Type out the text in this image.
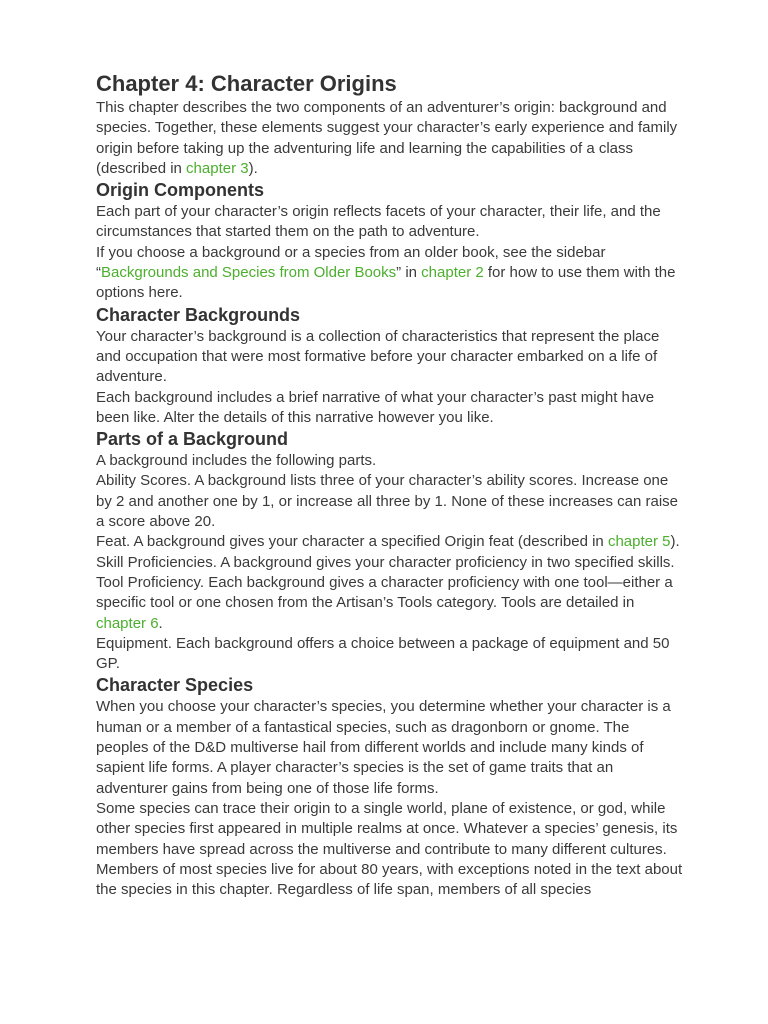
Chapter 4: Character Origins

This chapter describes the two components of an adventurer’s origin: background and species. Together, these elements suggest your character’s early experience and family origin before taking up the adventuring life and learning the capabilities of a class (described in chapter 3).

Origin Components

Each part of your character’s origin reflects facets of your character, their life, and the circumstances that started them on the path to adventure.

If you choose a background or a species from an older book, see the sidebar “Backgrounds and Species from Older Books” in chapter 2 for how to use them with the options here.

Character Backgrounds

Your character’s background is a collection of characteristics that represent the place and occupation that were most formative before your character embarked on a life of adventure.

Each background includes a brief narrative of what your character’s past might have been like. Alter the details of this narrative however you like.

Parts of a Background

A background includes the following parts.

Ability Scores. A background lists three of your character’s ability scores. Increase one by 2 and another one by 1, or increase all three by 1. None of these increases can raise a score above 20.

Feat. A background gives your character a specified Origin feat (described in chapter 5).

Skill Proficiencies. A background gives your character proficiency in two specified skills.

Tool Proficiency. Each background gives a character proficiency with one tool—either a specific tool or one chosen from the Artisan’s Tools category. Tools are detailed in chapter 6.

Equipment. Each background offers a choice between a package of equipment and 50 GP.

Character Species

When you choose your character’s species, you determine whether your character is a human or a member of a fantastical species, such as dragonborn or gnome. The peoples of the D&D multiverse hail from different worlds and include many kinds of sapient life forms. A player character’s species is the set of game traits that an adventurer gains from being one of those life forms.

Some species can trace their origin to a single world, plane of existence, or god, while other species first appeared in multiple realms at once. Whatever a species’ genesis, its members have spread across the multiverse and contribute to many different cultures.

Members of most species live for about 80 years, with exceptions noted in the text about the species in this chapter. Regardless of life span, members of all species
